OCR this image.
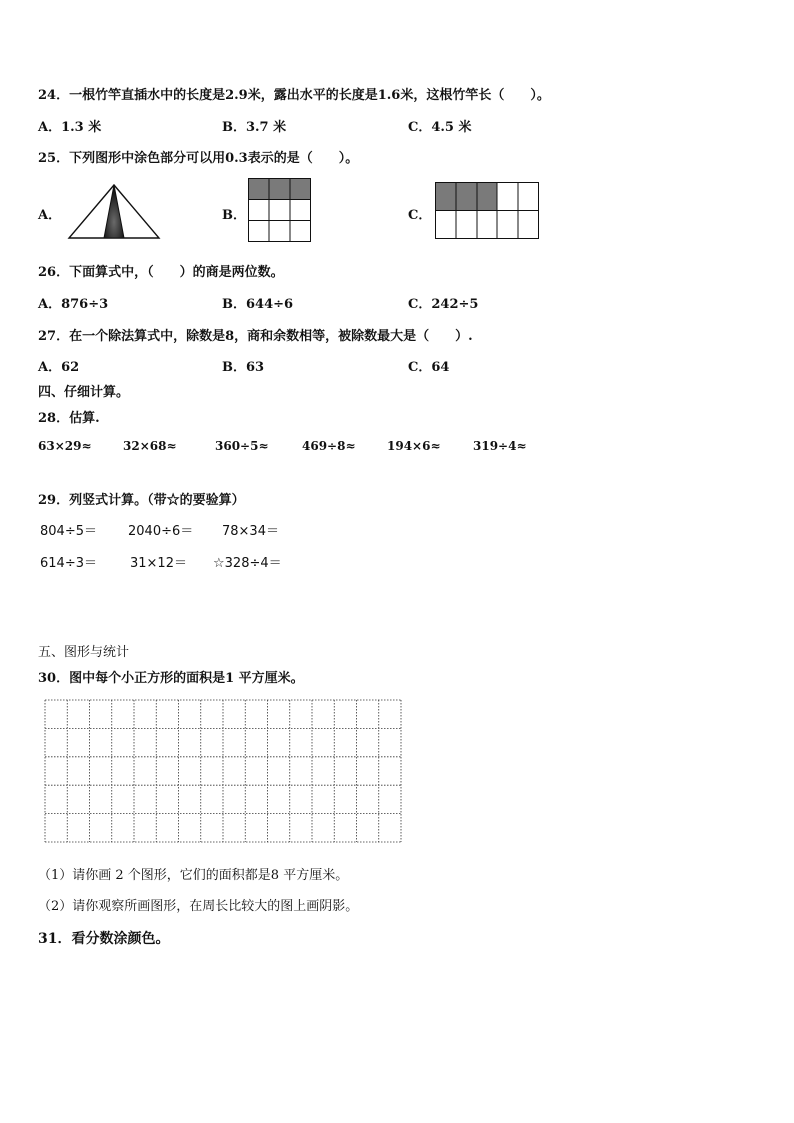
24．一根竹竿直插水中的长度是2.9米，露出水平的长度是1.6米，这根竹竿长（　　）。
A．1.3 米	B．3.7 米	C．4.5 米
25．下列图形中涂色部分可以用0.3表示的是（　　）。
A．	B．	C．
26．下面算式中，（　　）的商是两位数。
A．876÷3	B．644÷6	C．242÷5
27．在一个除法算式中，除数是8，商和余数相等，被除数最大是（　　）.
A．62	B．63	C．64
四、仔细计算。
28．估算.
63×29≈	32×68≈	360÷5≈	469÷8≈	194×6≈	319÷4≈
29．列竖式计算。（带☆的要验算）
804÷5＝ 2040÷6＝ 78×34＝
614÷3＝	31×12＝ ☆328÷4＝
五、图形与统计
30．图中每个小正方形的面积是1 平方厘米。
（1）请你画 2 个图形，它们的面积都是8 平方厘米。
（2）请你观察所画图形，在周长比较大的图上画阴影。
31．看分数涂颜色。
